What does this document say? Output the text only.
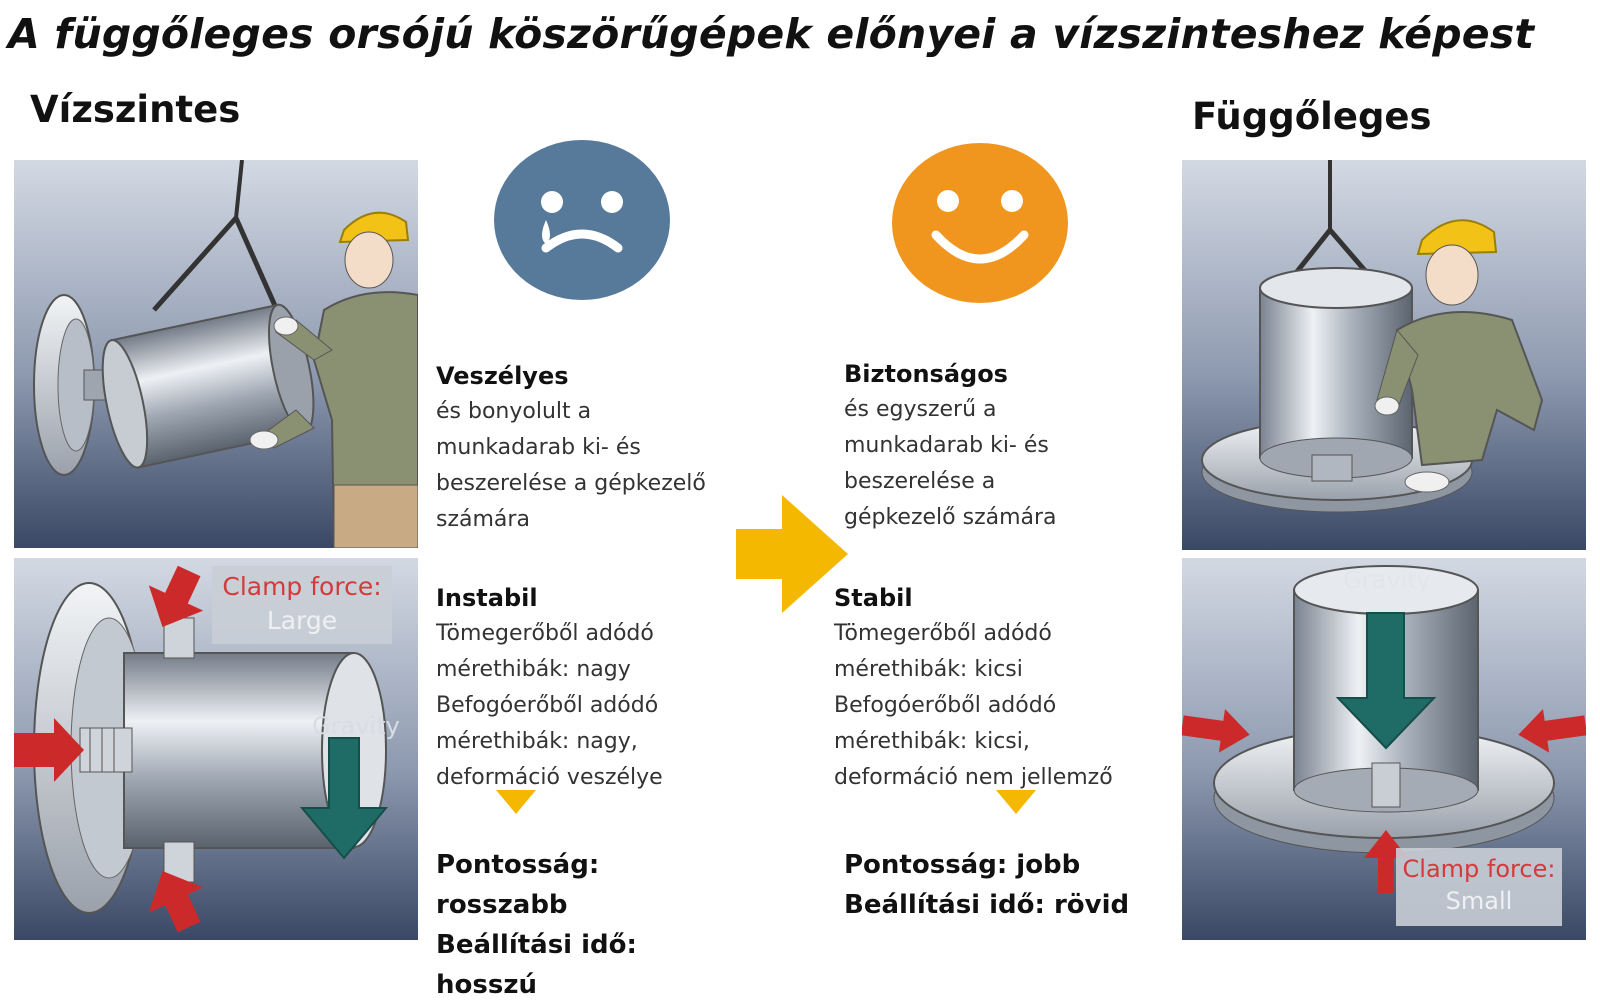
A függőleges orsójú köszörűgépek előnyei a vízszinteshez képest
Vízszintes	Függőleges
Clamp force:
Large
Gravity
Gravity
Clamp force:
Small
Veszélyes
és bonyolult a
munkadarab ki- és
beszerelése a gépkezelő
számára
Instabil
Tömegerőből adódó
mérethibák: nagy
Befogóerőből adódó
mérethibák: nagy,
deformáció veszélye
Pontosság:
rosszabb
Beállítási idő:
hosszú
Biztonságos
és egyszerű a
munkadarab ki- és
beszerelése a
gépkezelő számára
Stabil
Tömegerőből adódó
mérethibák: kicsi
Befogóerőből adódó
mérethibák: kicsi,
deformáció nem jellemző
Pontosság: jobb
Beállítási idő: rövid
